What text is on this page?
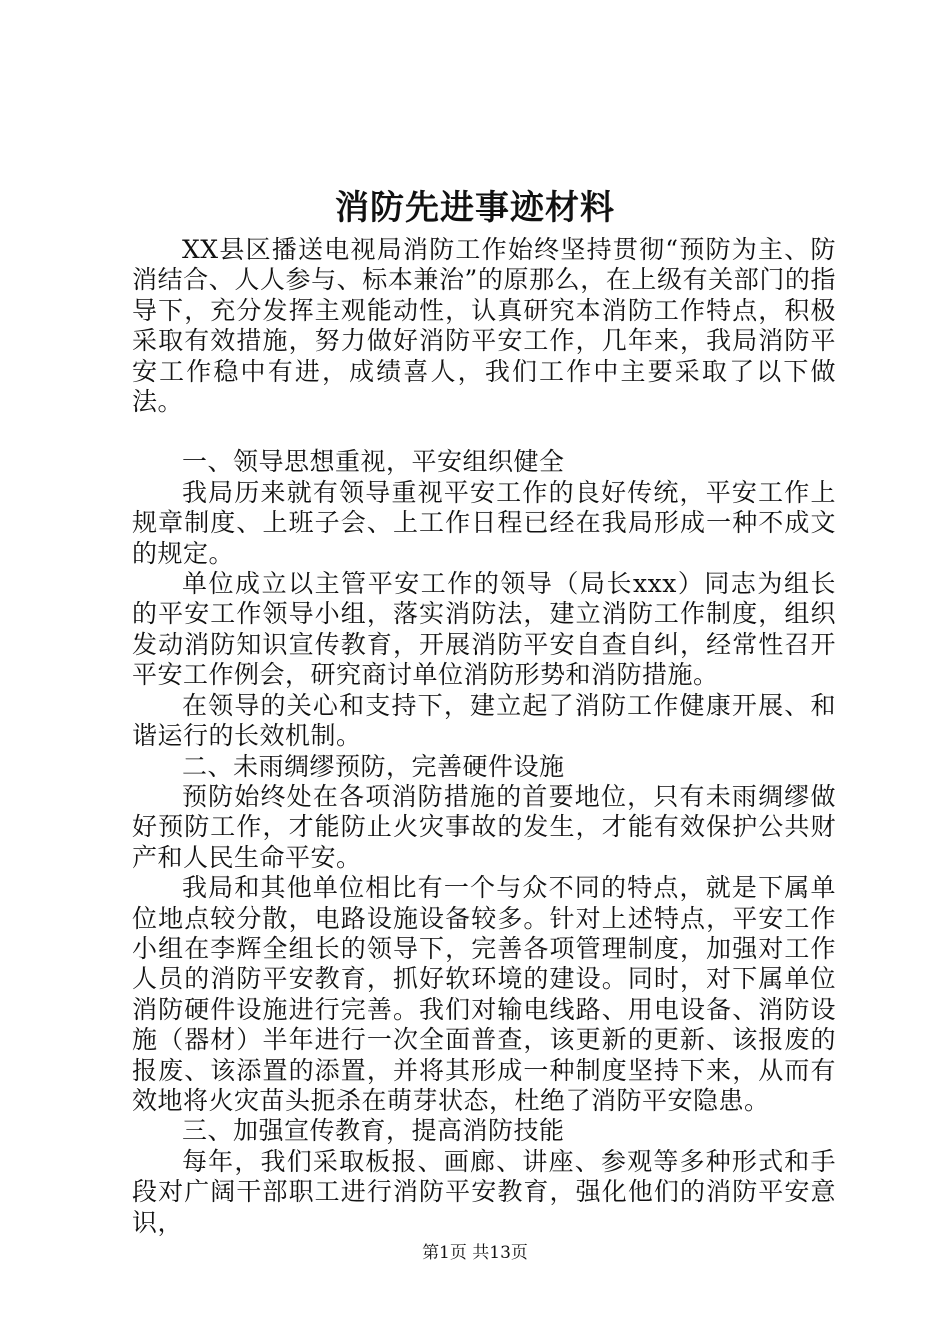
消防先进事迹材料

XX县区播送电视局消防工作始终坚持贯彻“预防为主、防消结合、人人参与、标本兼治”的原那么，在上级有关部门的指导下，充分发挥主观能动性，认真研究本消防工作特点，积极采取有效措施，努力做好消防平安工作，几年来，我局消防平安工作稳中有进，成绩喜人，我们工作中主要采取了以下做法。

一、领导思想重视，平安组织健全

我局历来就有领导重视平安工作的良好传统，平安工作上规章制度、上班子会、上工作日程已经在我局形成一种不成文的规定。

单位成立以主管平安工作的领导（局长xxx）同志为组长的平安工作领导小组，落实消防法，建立消防工作制度，组织发动消防知识宣传教育，开展消防平安自查自纠，经常性召开平安工作例会，研究商讨单位消防形势和消防措施。

在领导的关心和支持下，建立起了消防工作健康开展、和谐运行的长效机制。

二、未雨绸缪预防，完善硬件设施

预防始终处在各项消防措施的首要地位，只有未雨绸缪做好预防工作，才能防止火灾事故的发生，才能有效保护公共财产和人民生命平安。

我局和其他单位相比有一个与众不同的特点，就是下属单位地点较分散，电路设施设备较多。针对上述特点，平安工作小组在李辉全组长的领导下，完善各项管理制度，加强对工作人员的消防平安教育，抓好软环境的建设。同时，对下属单位消防硬件设施进行完善。我们对输电线路、用电设备、消防设施（器材）半年进行一次全面普查，该更新的更新、该报废的报废、该添置的添置，并将其形成一种制度坚持下来，从而有效地将火灾苗头扼杀在萌芽状态，杜绝了消防平安隐患。

三、加强宣传教育，提高消防技能

每年，我们采取板报、画廊、讲座、参观等多种形式和手段对广阔干部职工进行消防平安教育，强化他们的消防平安意识，

第1页 共13页
